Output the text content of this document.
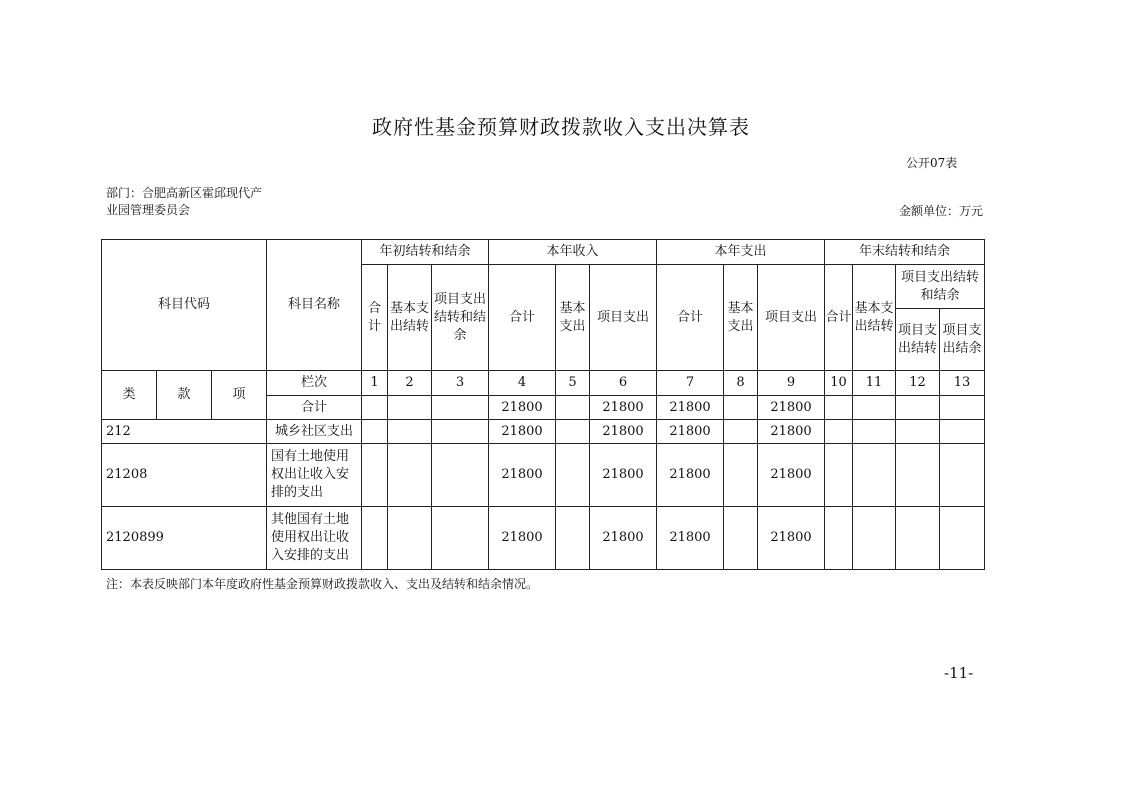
政府性基金预算财政拨款收入支出决算表
公开07表
部门：合肥高新区霍邱现代产业园管理委员会	金额单位：万元
科目代码			科目名称	年初结转和结余			本年收入			本年支出			年末结转和结余			
				合计	基本支出结转	项目支出结转和结余	合计	基本支出	项目支出	合计	基本支出	项目支出	合计	基本支出结转	项目支出结转和结余	
															项目支出结转	项目支出结余
类	款	项	栏次	1	2	3	4	5	6	7	8	9	10	11	12	13
			合计				21800		21800	21800		21800				
212			城乡社区支出				21800		21800	21800		21800				
21208			国有土地使用权出让收入安排的支出				21800		21800	21800		21800				
2120899			其他国有土地使用权出让收入安排的支出				21800		21800	21800		21800				
注：本表反映部门本年度政府性基金预算财政拨款收入、支出及结转和结余情况。
-11-
